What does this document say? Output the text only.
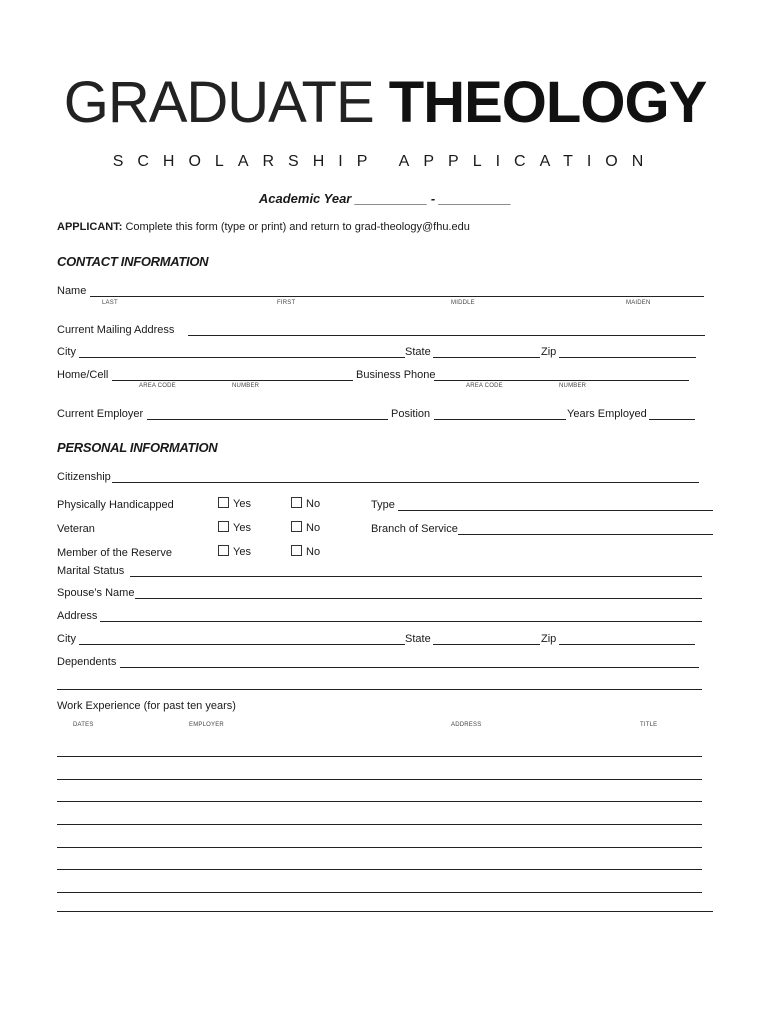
GRADUATE THEOLOGY
SCHOLARSHIP APPLICATION
Academic Year __________ - __________
APPLICANT: Complete this form (type or print) and return to grad-theology@fhu.edu
CONTACT INFORMATION
Name
LAST	FIRST	MIDDLE	MAIDEN
Current Mailing Address
City	State	Zip
Home/Cell
AREA CODE	NUMBER
Business Phone
AREA CODE	NUMBER
Current Employer	Position	Years Employed
PERSONAL INFORMATION
Citizenship
Physically Handicapped	Yes	No	Type
Veteran	Yes	No	Branch of Service
Member of the Reserve	Yes	No
Marital Status
Spouse’s Name
Address
City	State	Zip
Dependents
Work Experience (for past ten years)
DATES	EMPLOYER	ADDRESS	TITLE
